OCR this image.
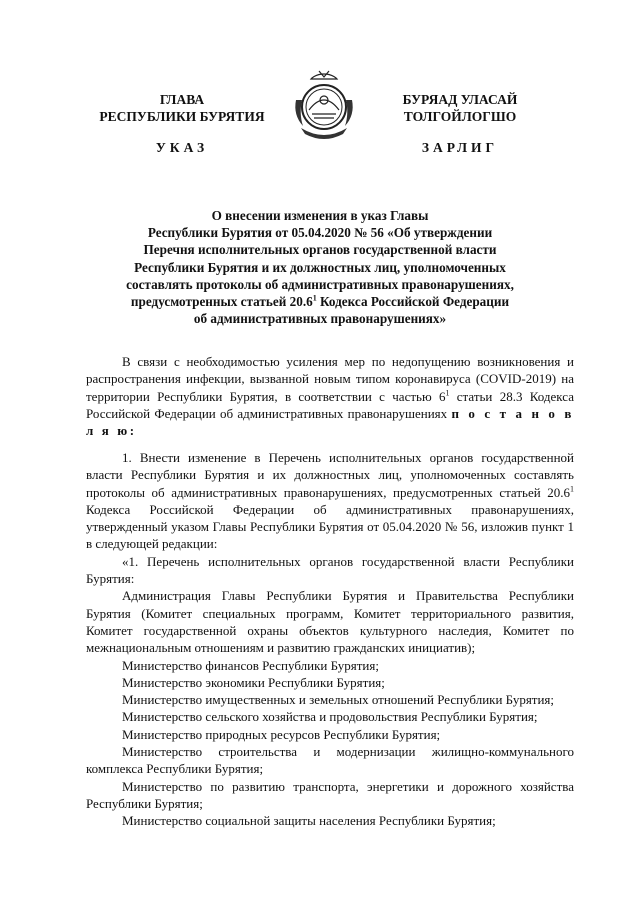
ГЛАВА
РЕСПУБЛИКИ БУРЯТИЯ
БУРЯАД УЛАСАЙ
ТОЛГОЙЛОГШО
УКАЗ	ЗАРЛИГ
О внесении изменения в указ Главы
Республики Бурятия от 05.04.2020 № 56 «Об утверждении
Перечня исполнительных органов государственной власти
Республики Бурятия и их должностных лиц, уполномоченных
составлять протоколы об административных правонарушениях,
предусмотренных статьей 20.6$^1$ Кодекса Российской Федерации
об административных правонарушениях»

В связи с необходимостью усиления мер по недопущению возникновения и распространения инфекции, вызванной новым типом коронавируса (COVID-2019) на территории Республики Бурятия, в соответствии с частью $6^1$ статьи 28.3 Кодекса Российской Федерации об административных правонарушениях п о с т а н о в л я ю:

1. Внести изменение в Перечень исполнительных органов государственной власти Республики Бурятия и их должностных лиц, уполномоченных составлять протоколы об административных правонарушениях, предусмотренных статьей 20.6$^1$ Кодекса Российской Федерации об административных правонарушениях, утвержденный указом Главы Республики Бурятия от 05.04.2020 № 56, изложив пункт 1 в следующей редакции:

«1. Перечень исполнительных органов государственной власти Республики Бурятия:

Администрация Главы Республики Бурятия и Правительства Республики Бурятия (Комитет специальных программ, Комитет территориального развития, Комитет государственной охраны объектов культурного наследия, Комитет по межнациональным отношениям и развитию гражданских инициатив);

Министерство финансов Республики Бурятия;

Министерство экономики Республики Бурятия;

Министерство имущественных и земельных отношений Республики Бурятия;

Министерство сельского хозяйства и продовольствия Республики Бурятия;

Министерство природных ресурсов Республики Бурятия;

Министерство строительства и модернизации жилищно-коммунального комплекса Республики Бурятия;

Министерство по развитию транспорта, энергетики и дорожного хозяйства Республики Бурятия;

Министерство социальной защиты населения Республики Бурятия;
